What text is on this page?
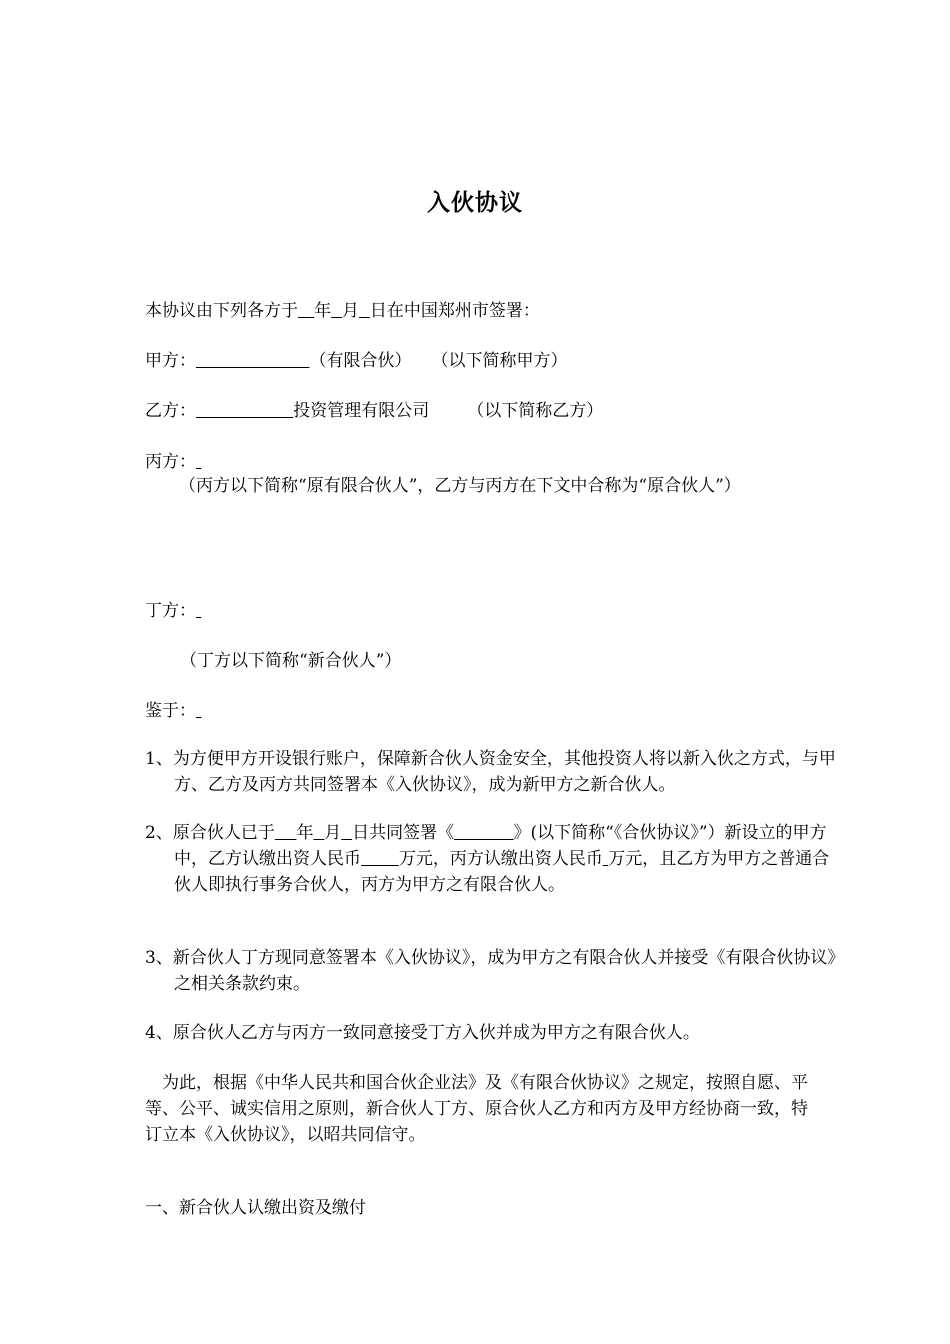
入伙协议
本协议由下列各方于 年 月 日在中国郑州市签署：
甲方：	（有限合伙） （以下简称甲方）
乙方：	投资管理有限公司 （以下简称乙方）
丙方：
（丙方以下简称“原有限合伙人”，乙方与丙方在下文中合称为“原合伙人”）
丁方：
（丁方以下简称“新合伙人”）
鉴于：
1、为方便甲方开设银行账户，保障新合伙人资金安全，其他投资人将以新入伙之方式，与甲方、乙方及丙方共同签署本《入伙协议》，成为新甲方之新合伙人。
2、原合伙人已于 年 月 日共同签署《	》(以下简称“《合伙协议》”）新设立的甲方中，乙方认缴出资人民币 万元，丙方认缴出资人民币 万元，且乙方为甲方之普通合伙人即执行事务合伙人，丙方为甲方之有限合伙人。
3、新合伙人丁方现同意签署本《入伙协议》，成为甲方之有限合伙人并接受《有限合伙协议》之相关条款约束。
4、原合伙人乙方与丙方一致同意接受丁方入伙并成为甲方之有限合伙人。
为此，根据《中华人民共和国合伙企业法》及《有限合伙协议》之规定，按照自愿、平等、公平、诚实信用之原则，新合伙人丁方、原合伙人乙方和丙方及甲方经协商一致，特订立本《入伙协议》，以昭共同信守。
一、新合伙人认缴出资及缴付
